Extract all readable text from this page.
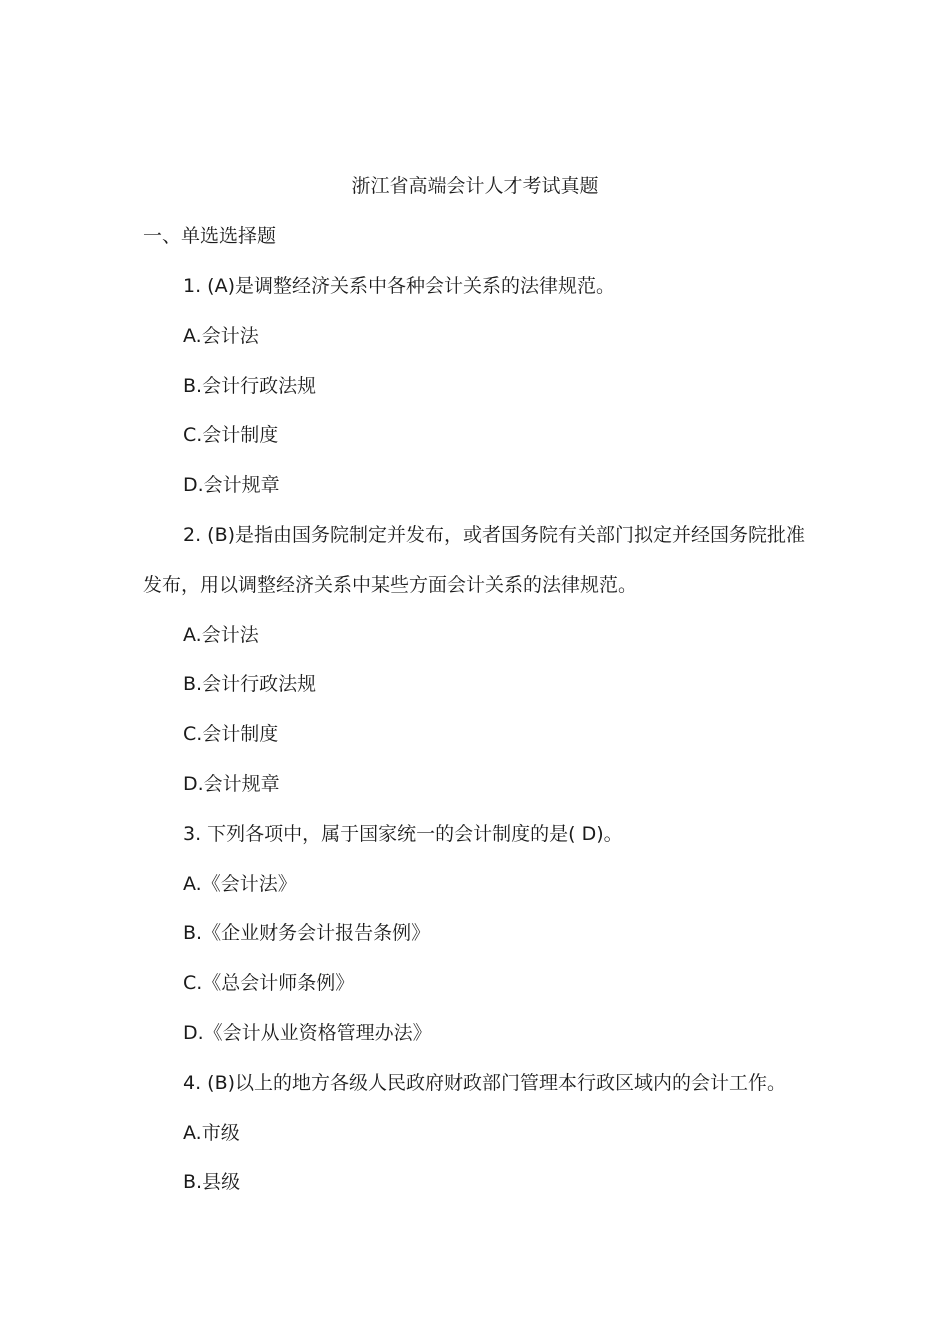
浙江省高端会计人才考试真题
一、单选选择题
1. (A)是调整经济关系中各种会计关系的法律规范。
A.会计法
B.会计行政法规
C.会计制度
D.会计规章
2. (B)是指由国务院制定并发布，或者国务院有关部门拟定并经国务院批准
发布，用以调整经济关系中某些方面会计关系的法律规范。
A.会计法
B.会计行政法规
C.会计制度
D.会计规章
3. 下列各项中，属于国家统一的会计制度的是( D)。
A.《会计法》
B.《企业财务会计报告条例》
C.《总会计师条例》
D.《会计从业资格管理办法》
4. (B)以上的地方各级人民政府财政部门管理本行政区域内的会计工作。
A.市级
B.县级
